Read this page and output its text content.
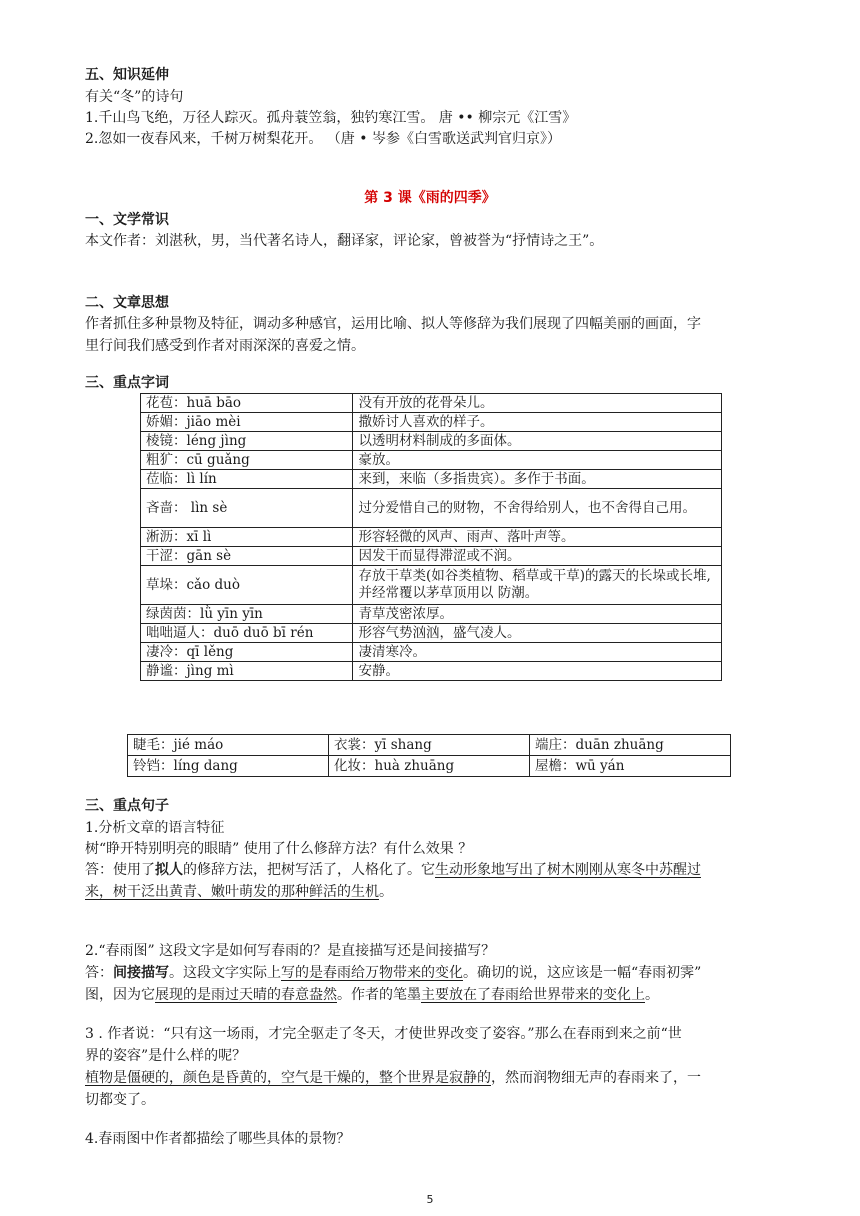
五、知识延伸
有关“冬”的诗句
1.千山鸟飞绝，万径人踪灭。孤舟蓑笠翁，独钓寒江雪。 唐 •• 柳宗元《江雪》
2.忽如一夜春风来，千树万树梨花开。 （唐 • 岑参《白雪歌送武判官归京》）
第 3 课《雨的四季》
一、文学常识
本文作者：刘湛秋，男，当代著名诗人，翻译家，评论家，曾被誉为“抒情诗之王”。
二、文章思想
作者抓住多种景物及特征，调动多种感官，运用比喻、拟人等修辞为我们展现了四幅美丽的画面，字
里行间我们感受到作者对雨深深的喜爱之情。
三、重点字词
花苞：huā bāo	没有开放的花骨朵儿。
娇媚：jiāo mèi	撒娇讨人喜欢的样子。
棱镜：léng jìng	以透明材料制成的多面体。
粗犷：cū guǎng	豪放。
莅临：lì lín	来到，来临（多指贵宾）。多作于书面。
吝啬： lìn sè	过分爱惜自己的财物，不舍得给别人，也不舍得自己用。
淅沥：xī lì	形容轻微的风声、雨声、落叶声等。
干涩：gān sè	因发干而显得滞涩或不润。
草垛：cǎo duò	存放干草类(如谷类植物、稻草或干草)的露天的长垛或长堆,并经常覆以茅草顶用以 防潮。
绿茵茵：lǜ yīn yīn	青草茂密浓厚。
咄咄逼人：duō duō bī rén	形容气势汹汹，盛气凌人。
凄冷：qī lěng	凄清寒冷。
静谧：jìng mì	安静。
睫毛：jié máo	衣裳：yī shang	端庄：duān zhuāng
铃铛：líng dang	化妆：huà zhuāng	屋檐：wū yán
三、重点句子
1.分析文章的语言特征
树“睁开特别明亮的眼睛” 使用了什么修辞方法？有什么效果 ？
答：使用了拟人的修辞方法，把树写活了，人格化了。它生动形象地写出了树木刚刚从寒冬中苏醒过
来，树干泛出黄青、嫩叶萌发的那种鲜活的生机。
2.“春雨图” 这段文字是如何写春雨的？是直接描写还是间接描写？
答：间接描写。这段文字实际上写的是春雨给万物带来的变化。确切的说，这应该是一幅“春雨初霁”
图，因为它展现的是雨过天晴的春意盎然。作者的笔墨主要放在了春雨给世界带来的变化上。
3 . 作者说：“只有这一场雨，才完全驱走了冬天，才使世界改变了姿容。”那么在春雨到来之前“世
界的姿容”是什么样的呢？
植物是僵硬的，颜色是昏黄的，空气是干燥的，整个世界是寂静的，然而润物细无声的春雨来了，一
切都变了。
4.春雨图中作者都描绘了哪些具体的景物？
5
